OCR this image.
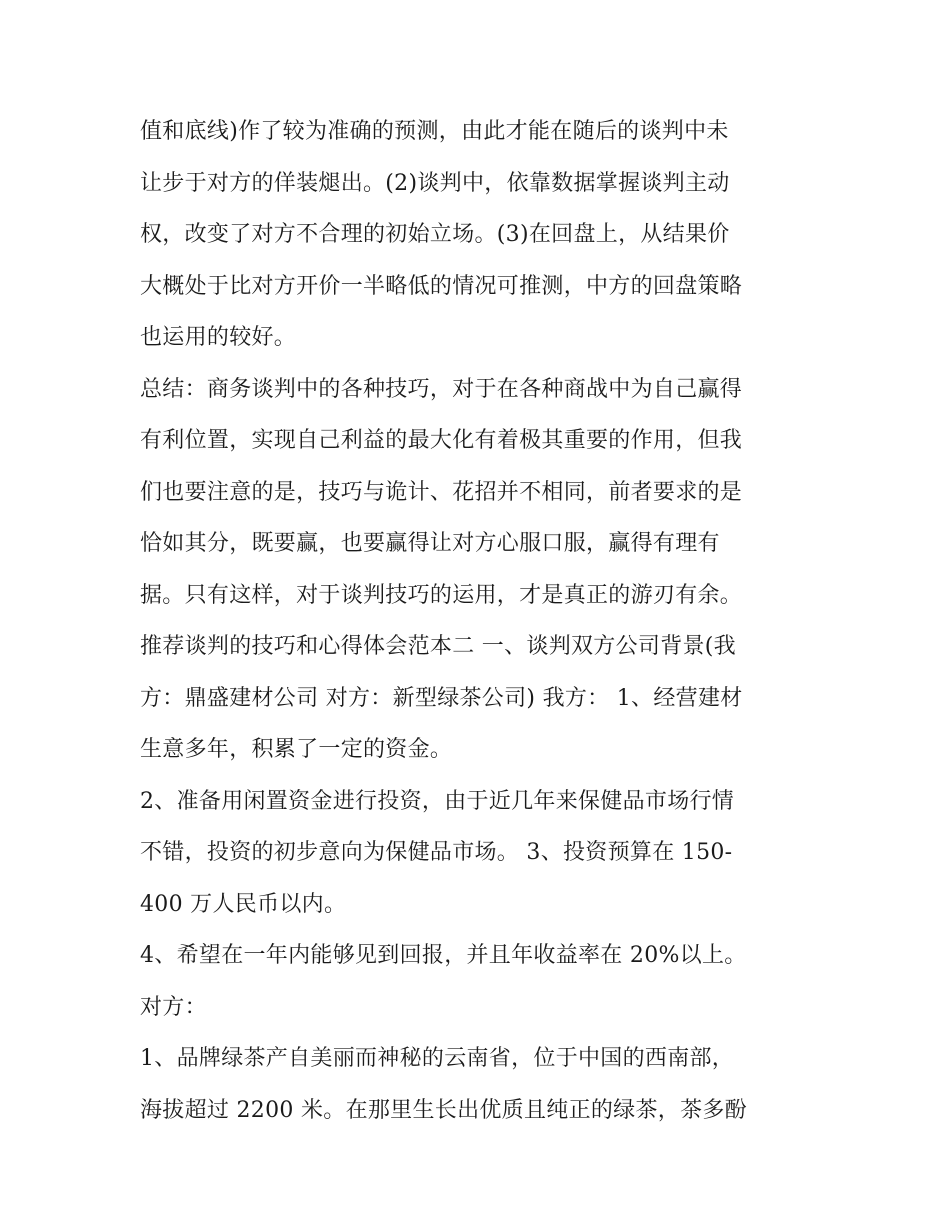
值和底线)作了较为准确的预测，由此才能在随后的谈判中未
让步于对方的佯装煺出。(2)谈判中，依靠数据掌握谈判主动
权，改变了对方不合理的初始立场。(3)在回盘上，从结果价
大概处于比对方开价一半略低的情况可推测，中方的回盘策略
也运用的较好。
总结：商务谈判中的各种技巧，对于在各种商战中为自己赢得
有利位置，实现自己利益的最大化有着极其重要的作用，但我
们也要注意的是，技巧与诡计、花招并不相同，前者要求的是
恰如其分，既要赢，也要赢得让对方心服口服，赢得有理有
据。只有这样，对于谈判技巧的运用，才是真正的游刃有余。
推荐谈判的技巧和心得体会范本二 一、谈判双方公司背景(我
方：鼎盛建材公司 对方：新型绿茶公司) 我方： 1、经营建材
生意多年，积累了一定的资金。
2、准备用闲置资金进行投资，由于近几年来保健品市场行情
不错，投资的初步意向为保健品市场。 3、投资预算在 150-
400 万人民币以内。
4、希望在一年内能够见到回报，并且年收益率在 20%以上。
对方：
1、品牌绿茶产自美丽而神秘的云南省，位于中国的西南部，
海拔超过 2200 米。在那里生长出优质且纯正的绿茶，茶多酚
